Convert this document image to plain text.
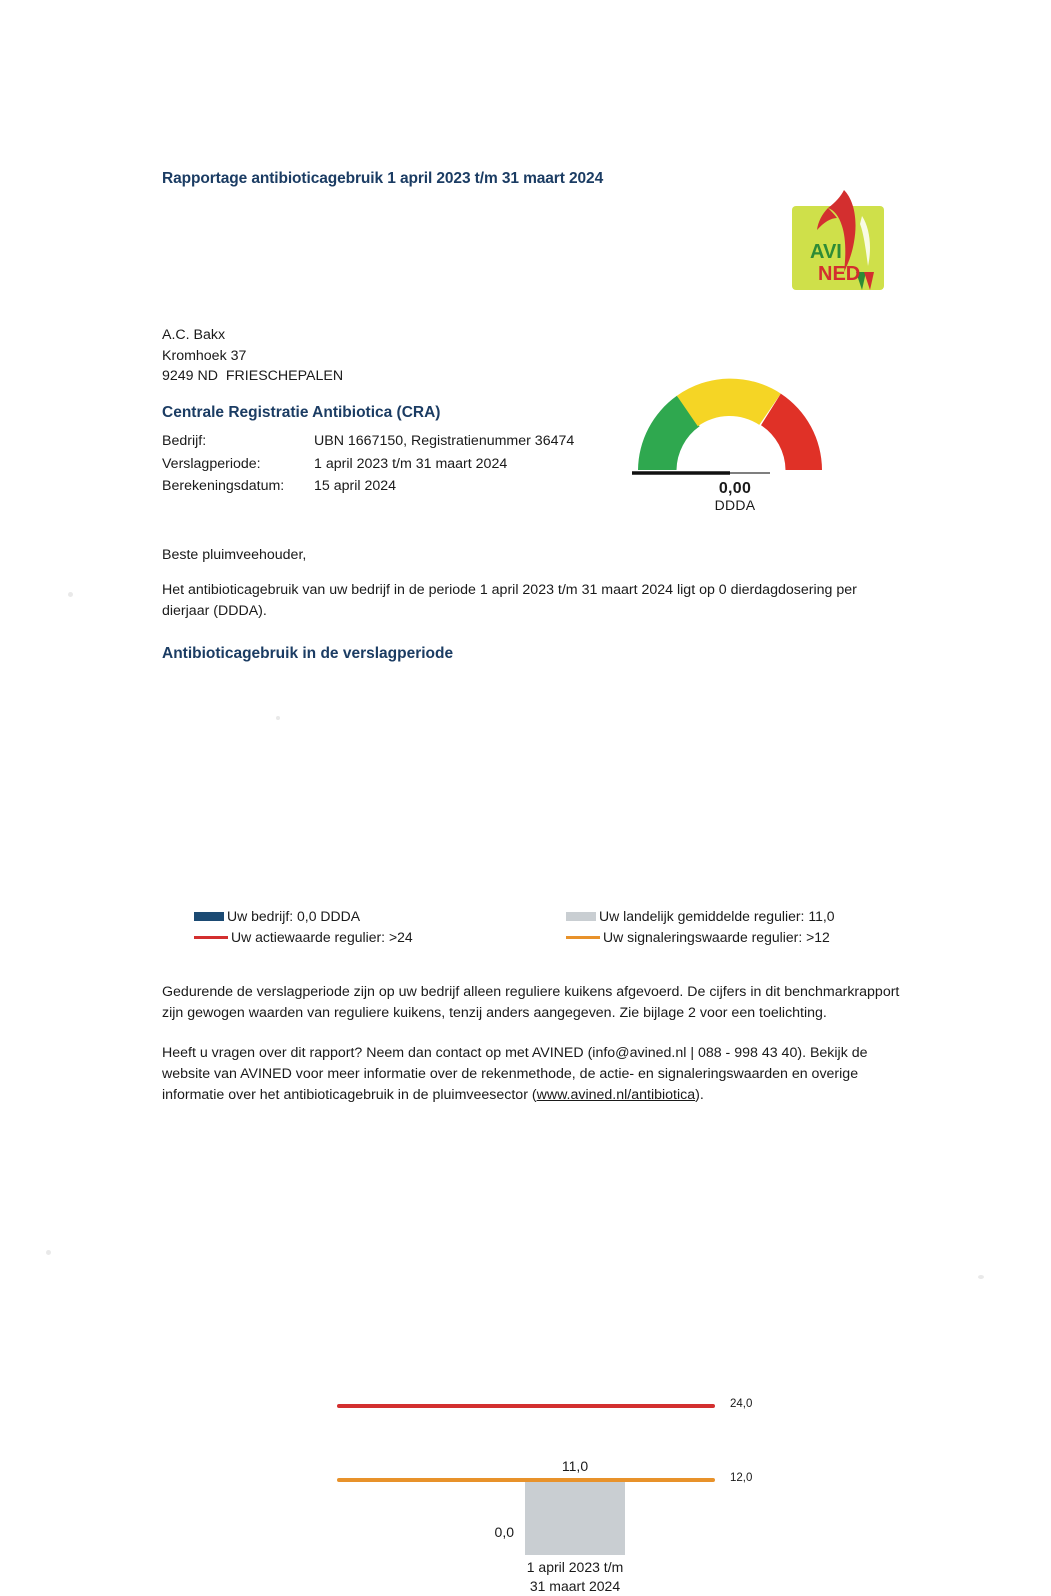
Rapportage antibioticagebruik 1 april 2023 t/m 31 maart 2024
AVI
NED
A.C. Bakx
Kromhoek 37
9249 ND  FRIESCHEPALEN
Centrale Registratie Antibiotica (CRA)
Bedrijf:	UBN 1667150, Registratienummer 36474
Verslagperiode:	1 april 2023 t/m 31 maart 2024
Berekeningsdatum:	15 april 2024	0,00
DDDA
Beste pluimveehouder,
Het antibioticagebruik van uw bedrijf in de periode 1 april 2023 t/m 31 maart 2024 ligt op 0 dierdagdosering per dierjaar (DDDA).
Antibioticagebruik in de verslagperiode
24,0
12,0
11,0
0,0
1 april 2023 t/m
31 maart 2024
Uw bedrijf: 0,0 DDDA
Uw actiewaarde regulier: >24
Uw landelijk gemiddelde regulier: 11,0
Uw signaleringswaarde regulier: >12
Gedurende de verslagperiode zijn op uw bedrijf alleen reguliere kuikens afgevoerd. De cijfers in dit benchmarkrapport zijn gewogen waarden van reguliere kuikens, tenzij anders aangegeven. Zie bijlage 2 voor een toelichting.
Heeft u vragen over dit rapport? Neem dan contact op met AVINED (info@avined.nl | 088 - 998 43 40). Bekijk de website van AVINED voor meer informatie over de rekenmethode, de actie- en signaleringswaarden en overige informatie over het antibioticagebruik in de pluimveesector (www.avined.nl/antibiotica).
